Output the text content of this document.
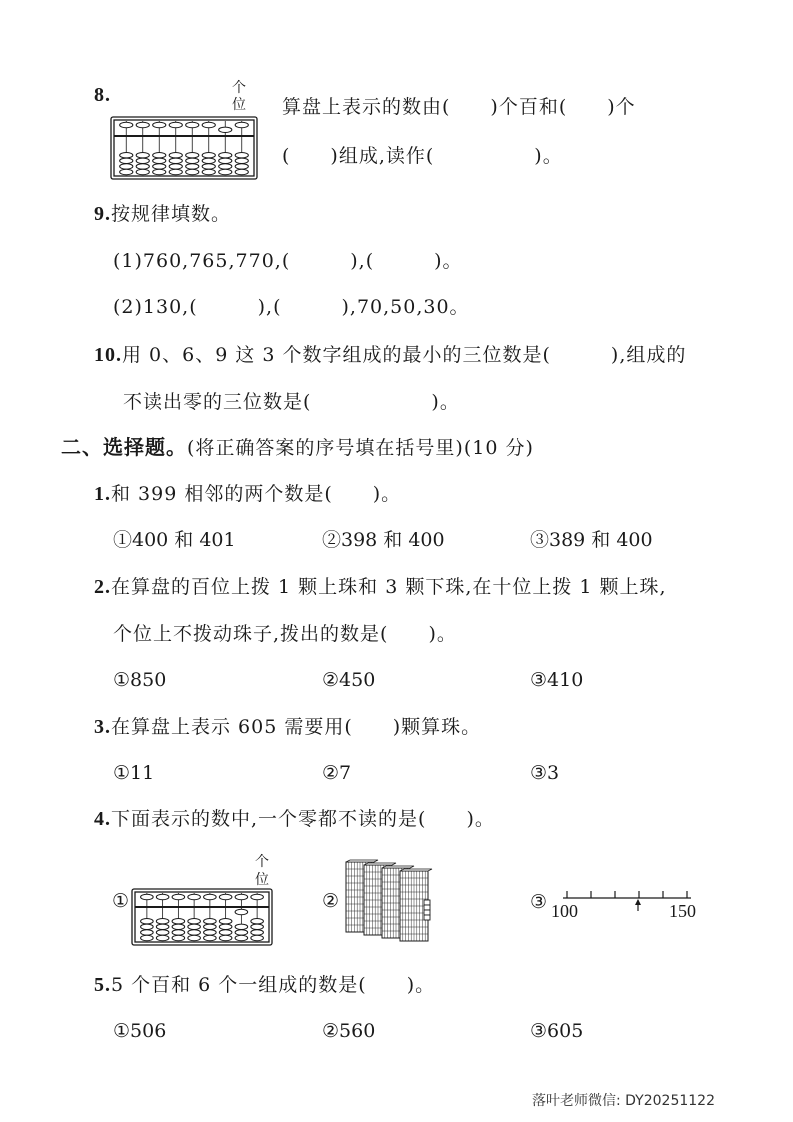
8.	个
位 算盘上表示的数由(　　)个百和(　　)个
(　　)组成,读作(　　　　　)。
9.按规律填数。
(1)760,765,770,(　　　),(　　　)。
(2)130,(　　　),(　　　),70,50,30。
10.用 0、6、9 这 3 个数字组成的最小的三位数是(　　　),组成的
不读出零的三位数是(　　　　　　)。
二、选择题。(将正确答案的序号填在括号里)(10 分)
1.和 399 相邻的两个数是(　　)。
①400 和 401	②398 和 400	③389 和 400
2.在算盘的百位上拨 1 颗上珠和 3 颗下珠,在十位上拨 1 颗上珠,
个位上不拨动珠子,拨出的数是(　　)。
①850	②450	③410
3.在算盘上表示 605 需要用(　　)颗算珠。
①11	②7	③3
4.下面表示的数中,一个零都不读的是(　　)。
个
位
①	②	③ 100	150
5.5 个百和 6 个一组成的数是(　　)。
①506	②560	③605
落叶老师微信: DY20251122
